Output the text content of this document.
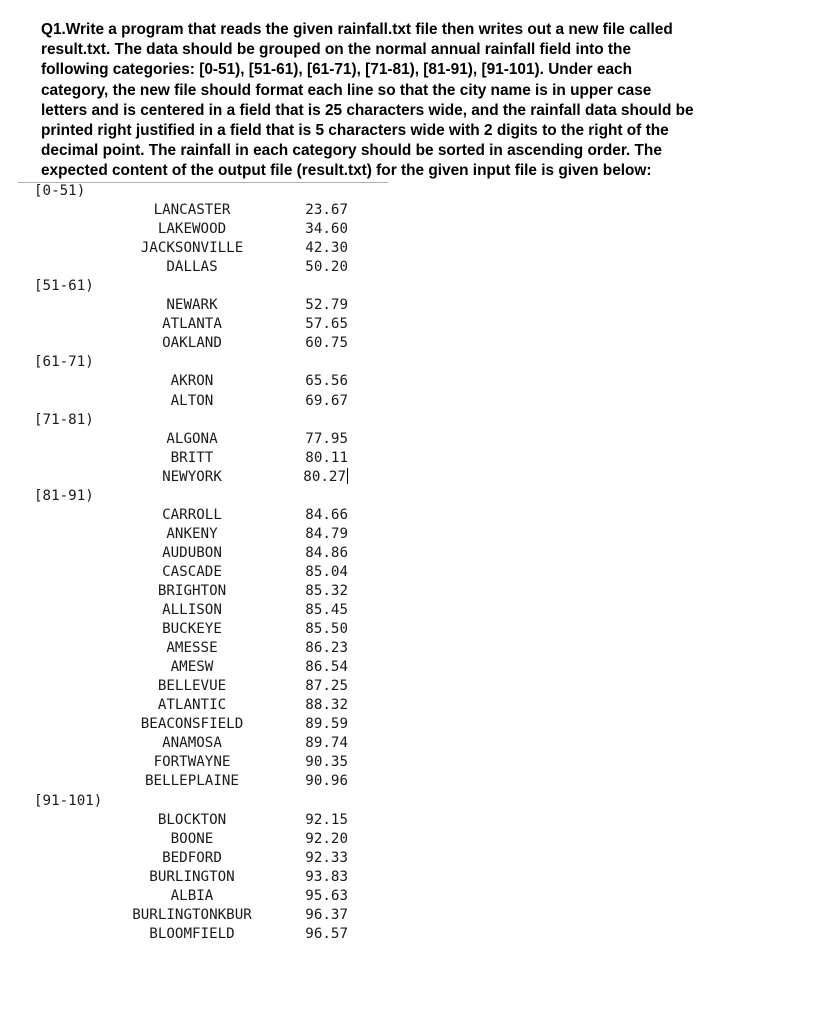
Q1.Write a program that reads the given rainfall.txt file then writes out a new file called
result.txt. The data should be grouped on the normal annual rainfall field into the
following categories: [0-51), [51-61), [61-71), [71-81), [81-91), [91-101). Under each
category, the new file should format each line so that the city name is in upper case
letters and is centered in a field that is 25 characters wide, and the rainfall data should be
printed right justified in a field that is 5 characters wide with 2 digits to the right of the
decimal point. The rainfall in each category should be sorted in ascending order. The
expected content of the output file (result.txt) for the given input file is given below:
[0-51)
LANCASTER	23.67
LAKEWOOD	34.60
JACKSONVILLE	42.30
DALLAS	50.20
[51-61)
NEWARK	52.79
ATLANTA	57.65
OAKLAND	60.75
[61-71)
AKRON	65.56
ALTON	69.67
[71-81)
ALGONA	77.95
BRITT	80.11
NEWYORK	80.27
[81-91)
CARROLL	84.66
ANKENY	84.79
AUDUBON	84.86
CASCADE	85.04
BRIGHTON	85.32
ALLISON	85.45
BUCKEYE	85.50
AMESSE	86.23
AMESW	86.54
BELLEVUE	87.25
ATLANTIC	88.32
BEACONSFIELD	89.59
ANAMOSA	89.74
FORTWAYNE	90.35
BELLEPLAINE	90.96
[91-101)
BLOCKTON	92.15
BOONE	92.20
BEDFORD	92.33
BURLINGTON	93.83
ALBIA	95.63
BURLINGTONKBUR	96.37
BLOOMFIELD	96.57
